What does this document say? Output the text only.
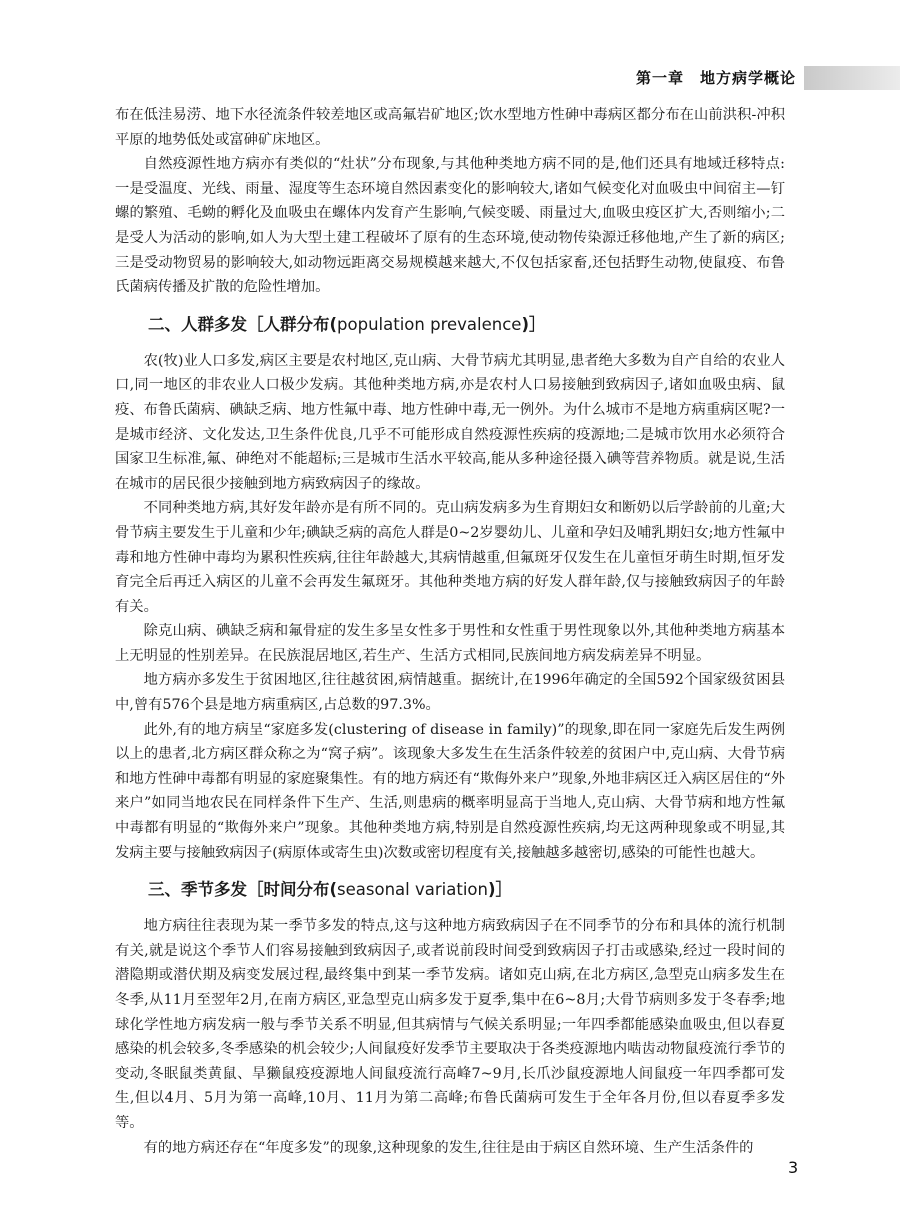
第一章　地方病学概论

布在低洼易涝、地下水径流条件较差地区或高氟岩矿地区;饮水型地方性砷中毒病区都分布在山前洪积-冲积平原的地势低处或富砷矿床地区。

自然疫源性地方病亦有类似的“灶状”分布现象,与其他种类地方病不同的是,他们还具有地域迁移特点:一是受温度、光线、雨量、湿度等生态环境自然因素变化的影响较大,诸如气候变化对血吸虫中间宿主—钉螺的繁殖、毛蚴的孵化及血吸虫在螺体内发育产生影响,气候变暖、雨量过大,血吸虫疫区扩大,否则缩小;二是受人为活动的影响,如人为大型土建工程破坏了原有的生态环境,使动物传染源迁移他地,产生了新的病区;三是受动物贸易的影响较大,如动物远距离交易规模越来越大,不仅包括家畜,还包括野生动物,使鼠疫、布鲁氏菌病传播及扩散的危险性增加。

二、人群多发［人群分布(population prevalence)］

农(牧)业人口多发,病区主要是农村地区,克山病、大骨节病尤其明显,患者绝大多数为自产自给的农业人口,同一地区的非农业人口极少发病。其他种类地方病,亦是农村人口易接触到致病因子,诸如血吸虫病、鼠疫、布鲁氏菌病、碘缺乏病、地方性氟中毒、地方性砷中毒,无一例外。为什么城市不是地方病重病区呢?一是城市经济、文化发达,卫生条件优良,几乎不可能形成自然疫源性疾病的疫源地;二是城市饮用水必须符合国家卫生标准,氟、砷绝对不能超标;三是城市生活水平较高,能从多种途径摄入碘等营养物质。就是说,生活在城市的居民很少接触到地方病致病因子的缘故。

不同种类地方病,其好发年龄亦是有所不同的。克山病发病多为生育期妇女和断奶以后学龄前的儿童;大骨节病主要发生于儿童和少年;碘缺乏病的高危人群是0~2岁婴幼儿、儿童和孕妇及哺乳期妇女;地方性氟中毒和地方性砷中毒均为累积性疾病,往往年龄越大,其病情越重,但氟斑牙仅发生在儿童恒牙萌生时期,恒牙发育完全后再迁入病区的儿童不会再发生氟斑牙。其他种类地方病的好发人群年龄,仅与接触致病因子的年龄有关。

除克山病、碘缺乏病和氟骨症的发生多呈女性多于男性和女性重于男性现象以外,其他种类地方病基本上无明显的性别差异。在民族混居地区,若生产、生活方式相同,民族间地方病发病差异不明显。

地方病亦多发生于贫困地区,往往越贫困,病情越重。据统计,在1996年确定的全国592个国家级贫困县中,曾有576个县是地方病重病区,占总数的97.3%。

此外,有的地方病呈“家庭多发(clustering of disease in family)”的现象,即在同一家庭先后发生两例以上的患者,北方病区群众称之为“窝子病”。该现象大多发生在生活条件较差的贫困户中,克山病、大骨节病和地方性砷中毒都有明显的家庭聚集性。有的地方病还有“欺侮外来户”现象,外地非病区迁入病区居住的“外来户”如同当地农民在同样条件下生产、生活,则患病的概率明显高于当地人,克山病、大骨节病和地方性氟中毒都有明显的“欺侮外来户”现象。其他种类地方病,特别是自然疫源性疾病,均无这两种现象或不明显,其发病主要与接触致病因子(病原体或寄生虫)次数或密切程度有关,接触越多越密切,感染的可能性也越大。

三、季节多发［时间分布(seasonal variation)］

地方病往往表现为某一季节多发的特点,这与这种地方病致病因子在不同季节的分布和具体的流行机制有关,就是说这个季节人们容易接触到致病因子,或者说前段时间受到致病因子打击或感染,经过一段时间的潜隐期或潜伏期及病变发展过程,最终集中到某一季节发病。诸如克山病,在北方病区,急型克山病多发生在冬季,从11月至翌年2月,在南方病区,亚急型克山病多发于夏季,集中在6~8月;大骨节病则多发于冬春季;地球化学性地方病发病一般与季节关系不明显,但其病情与气候关系明显;一年四季都能感染血吸虫,但以春夏感染的机会较多,冬季感染的机会较少;人间鼠疫好发季节主要取决于各类疫源地内啮齿动物鼠疫流行季节的变动,冬眠鼠类黄鼠、旱獭鼠疫疫源地人间鼠疫流行高峰7~9月,长爪沙鼠疫源地人间鼠疫一年四季都可发生,但以4月、5月为第一高峰,10月、11月为第二高峰;布鲁氏菌病可发生于全年各月份,但以春夏季多发等。

有的地方病还存在“年度多发”的现象,这种现象的发生,往往是由于病区自然环境、生产生活条件的

3
